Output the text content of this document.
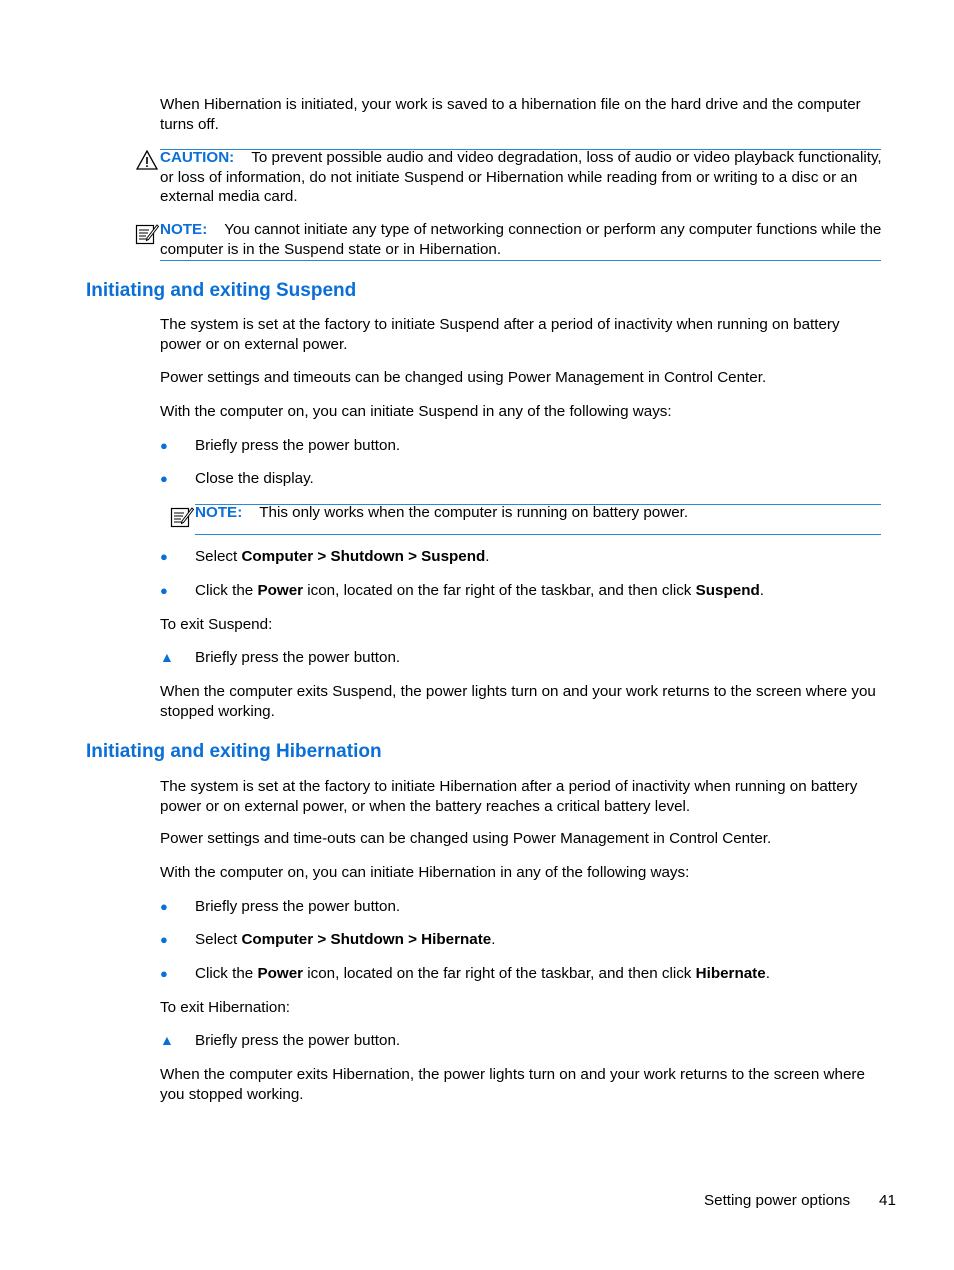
When Hibernation is initiated, your work is saved to a hibernation file on the hard drive and the computer turns off.

CAUTION: To prevent possible audio and video degradation, loss of audio or video playback functionality, or loss of information, do not initiate Suspend or Hibernation while reading from or writing to a disc or an external media card.

NOTE: You cannot initiate any type of networking connection or perform any computer functions while the computer is in the Suspend state or in Hibernation.

Initiating and exiting Suspend

The system is set at the factory to initiate Suspend after a period of inactivity when running on battery power or on external power.

Power settings and timeouts can be changed using Power Management in Control Center.

With the computer on, you can initiate Suspend in any of the following ways:

●	Briefly press the power button.

●	Close the display.

NOTE: This only works when the computer is running on battery power.

●	Select Computer > Shutdown > Suspend.

●	Click the Power icon, located on the far right of the taskbar, and then click Suspend.

To exit Suspend:

▲	Briefly press the power button.

When the computer exits Suspend, the power lights turn on and your work returns to the screen where you stopped working.

Initiating and exiting Hibernation

The system is set at the factory to initiate Hibernation after a period of inactivity when running on battery power or on external power, or when the battery reaches a critical battery level.

Power settings and time-outs can be changed using Power Management in Control Center.

With the computer on, you can initiate Hibernation in any of the following ways:

●	Briefly press the power button.

●	Select Computer > Shutdown > Hibernate.

●	Click the Power icon, located on the far right of the taskbar, and then click Hibernate.

To exit Hibernation:

▲	Briefly press the power button.

When the computer exits Hibernation, the power lights turn on and your work returns to the screen where you stopped working.

Setting power options 41
